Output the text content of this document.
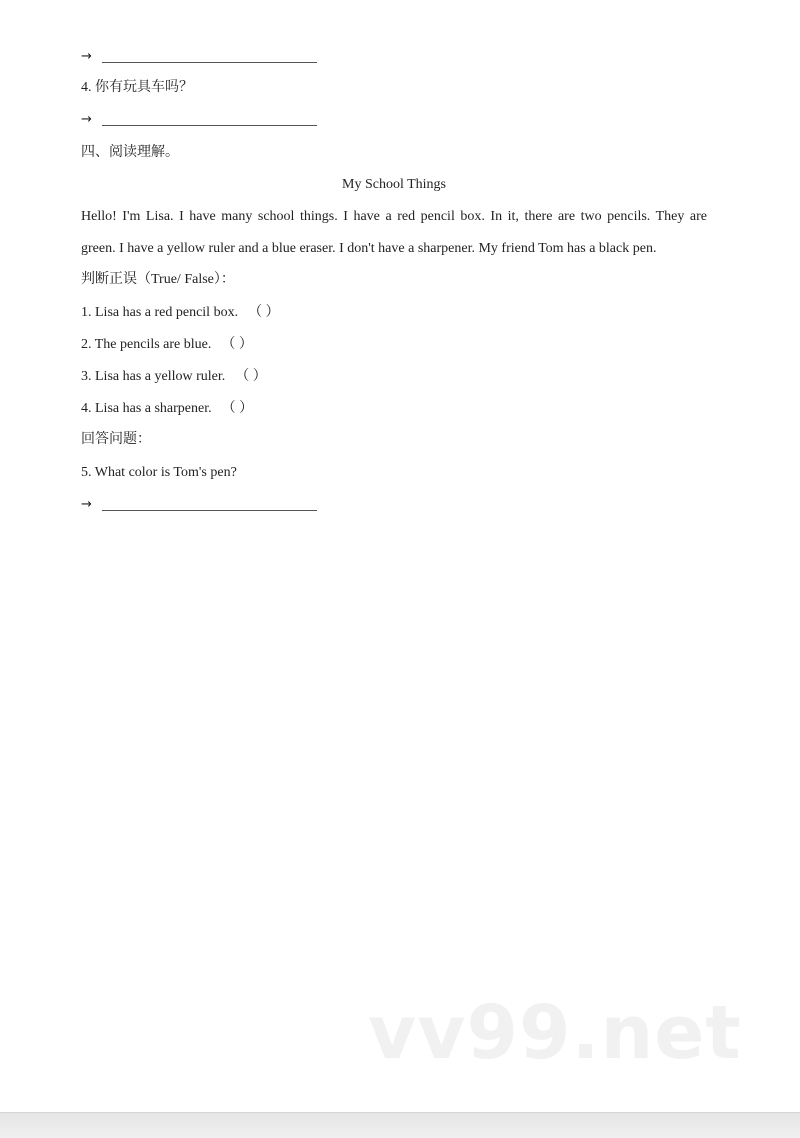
→
4. 你有玩具车吗？
→
四、阅读理解。
My School Things
Hello! I'm Lisa. I have many school things. I have a red pencil box. In it, there are two pencils. They are
green. I have a yellow ruler and a blue eraser. I don't have a sharpener. My friend Tom has a black pen.
判断正误（True/ False）：
1. Lisa has a red pencil box. （ ）
2. The pencils are blue. （ ）
3. Lisa has a yellow ruler. （ ）
4. Lisa has a sharpener. （ ）
回答问题：
5. What color is Tom's pen?
→
vv99.net
